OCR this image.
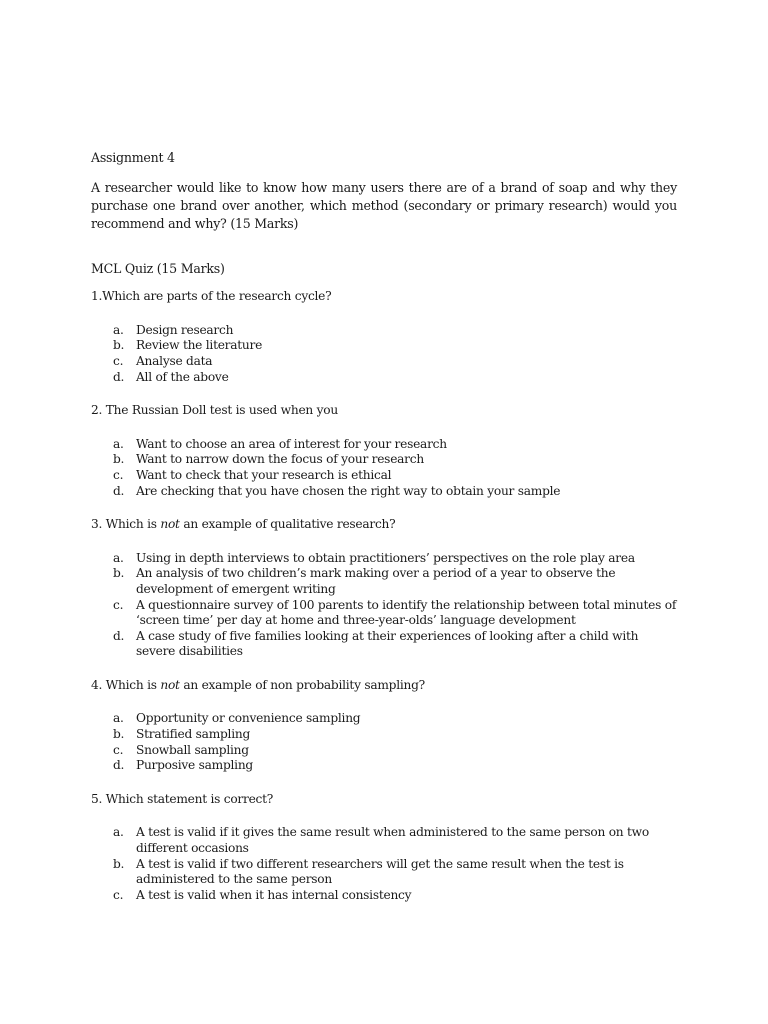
Assignment 4
A researcher would like to know how many users there are of a brand of soap and why they purchase one brand over another, which method (secondary or primary research) would you recommend and why? (15 Marks)
MCL Quiz (15 Marks)
1.Which are parts of the research cycle?
a. Design research
b. Review the literature
c. Analyse data
d. All of the above
2. The Russian Doll test is used when you
a. Want to choose an area of interest for your research
b. Want to narrow down the focus of your research
c. Want to check that your research is ethical
d. Are checking that you have chosen the right way to obtain your sample
3. Which is not an example of qualitative research?
a. Using in depth interviews to obtain practitioners’ perspectives on the role play area
b. An analysis of two children’s mark making over a period of a year to observe the development of emergent writing
c. A questionnaire survey of 100 parents to identify the relationship between total minutes of ‘screen time’ per day at home and three-year-olds’ language development
d. A case study of five families looking at their experiences of looking after a child with severe disabilities
4. Which is not an example of non probability sampling?
a. Opportunity or convenience sampling
b. Stratified sampling
c. Snowball sampling
d. Purposive sampling
5. Which statement is correct?
a. A test is valid if it gives the same result when administered to the same person on two different occasions
b. A test is valid if two different researchers will get the same result when the test is administered to the same person
c. A test is valid when it has internal consistency
